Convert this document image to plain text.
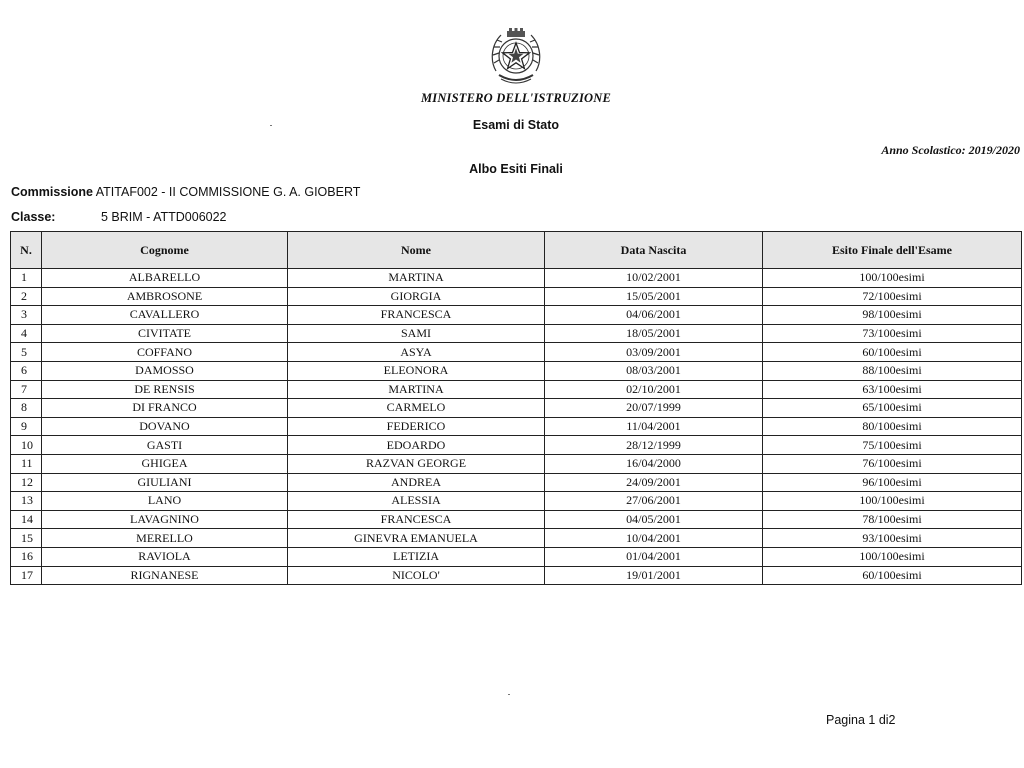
MINISTERO DELL'ISTRUZIONE
Esami di Stato
Anno Scolastico: 2019/2020
Albo Esiti Finali
Commissione ATITAF002 - II COMMISSIONE G. A. GIOBERT
Classe:	5 BRIM - ATTD006022
N.	Cognome	Nome	Data Nascita	Esito Finale dell'Esame
1	ALBARELLO	MARTINA	10/02/2001	100/100esimi
2	AMBROSONE	GIORGIA	15/05/2001	72/100esimi
3	CAVALLERO	FRANCESCA	04/06/2001	98/100esimi
4	CIVITATE	SAMI	18/05/2001	73/100esimi
5	COFFANO	ASYA	03/09/2001	60/100esimi
6	DAMOSSO	ELEONORA	08/03/2001	88/100esimi
7	DE RENSIS	MARTINA	02/10/2001	63/100esimi
8	DI FRANCO	CARMELO	20/07/1999	65/100esimi
9	DOVANO	FEDERICO	11/04/2001	80/100esimi
10	GASTI	EDOARDO	28/12/1999	75/100esimi
11	GHIGEA	RAZVAN GEORGE	16/04/2000	76/100esimi
12	GIULIANI	ANDREA	24/09/2001	96/100esimi
13	LANO	ALESSIA	27/06/2001	100/100esimi
14	LAVAGNINO	FRANCESCA	04/05/2001	78/100esimi
15	MERELLO	GINEVRA EMANUELA	10/04/2001	93/100esimi
16	RAVIOLA	LETIZIA	01/04/2001	100/100esimi
17	RIGNANESE	NICOLO'	19/01/2001	60/100esimi
Pagina 1 di2
